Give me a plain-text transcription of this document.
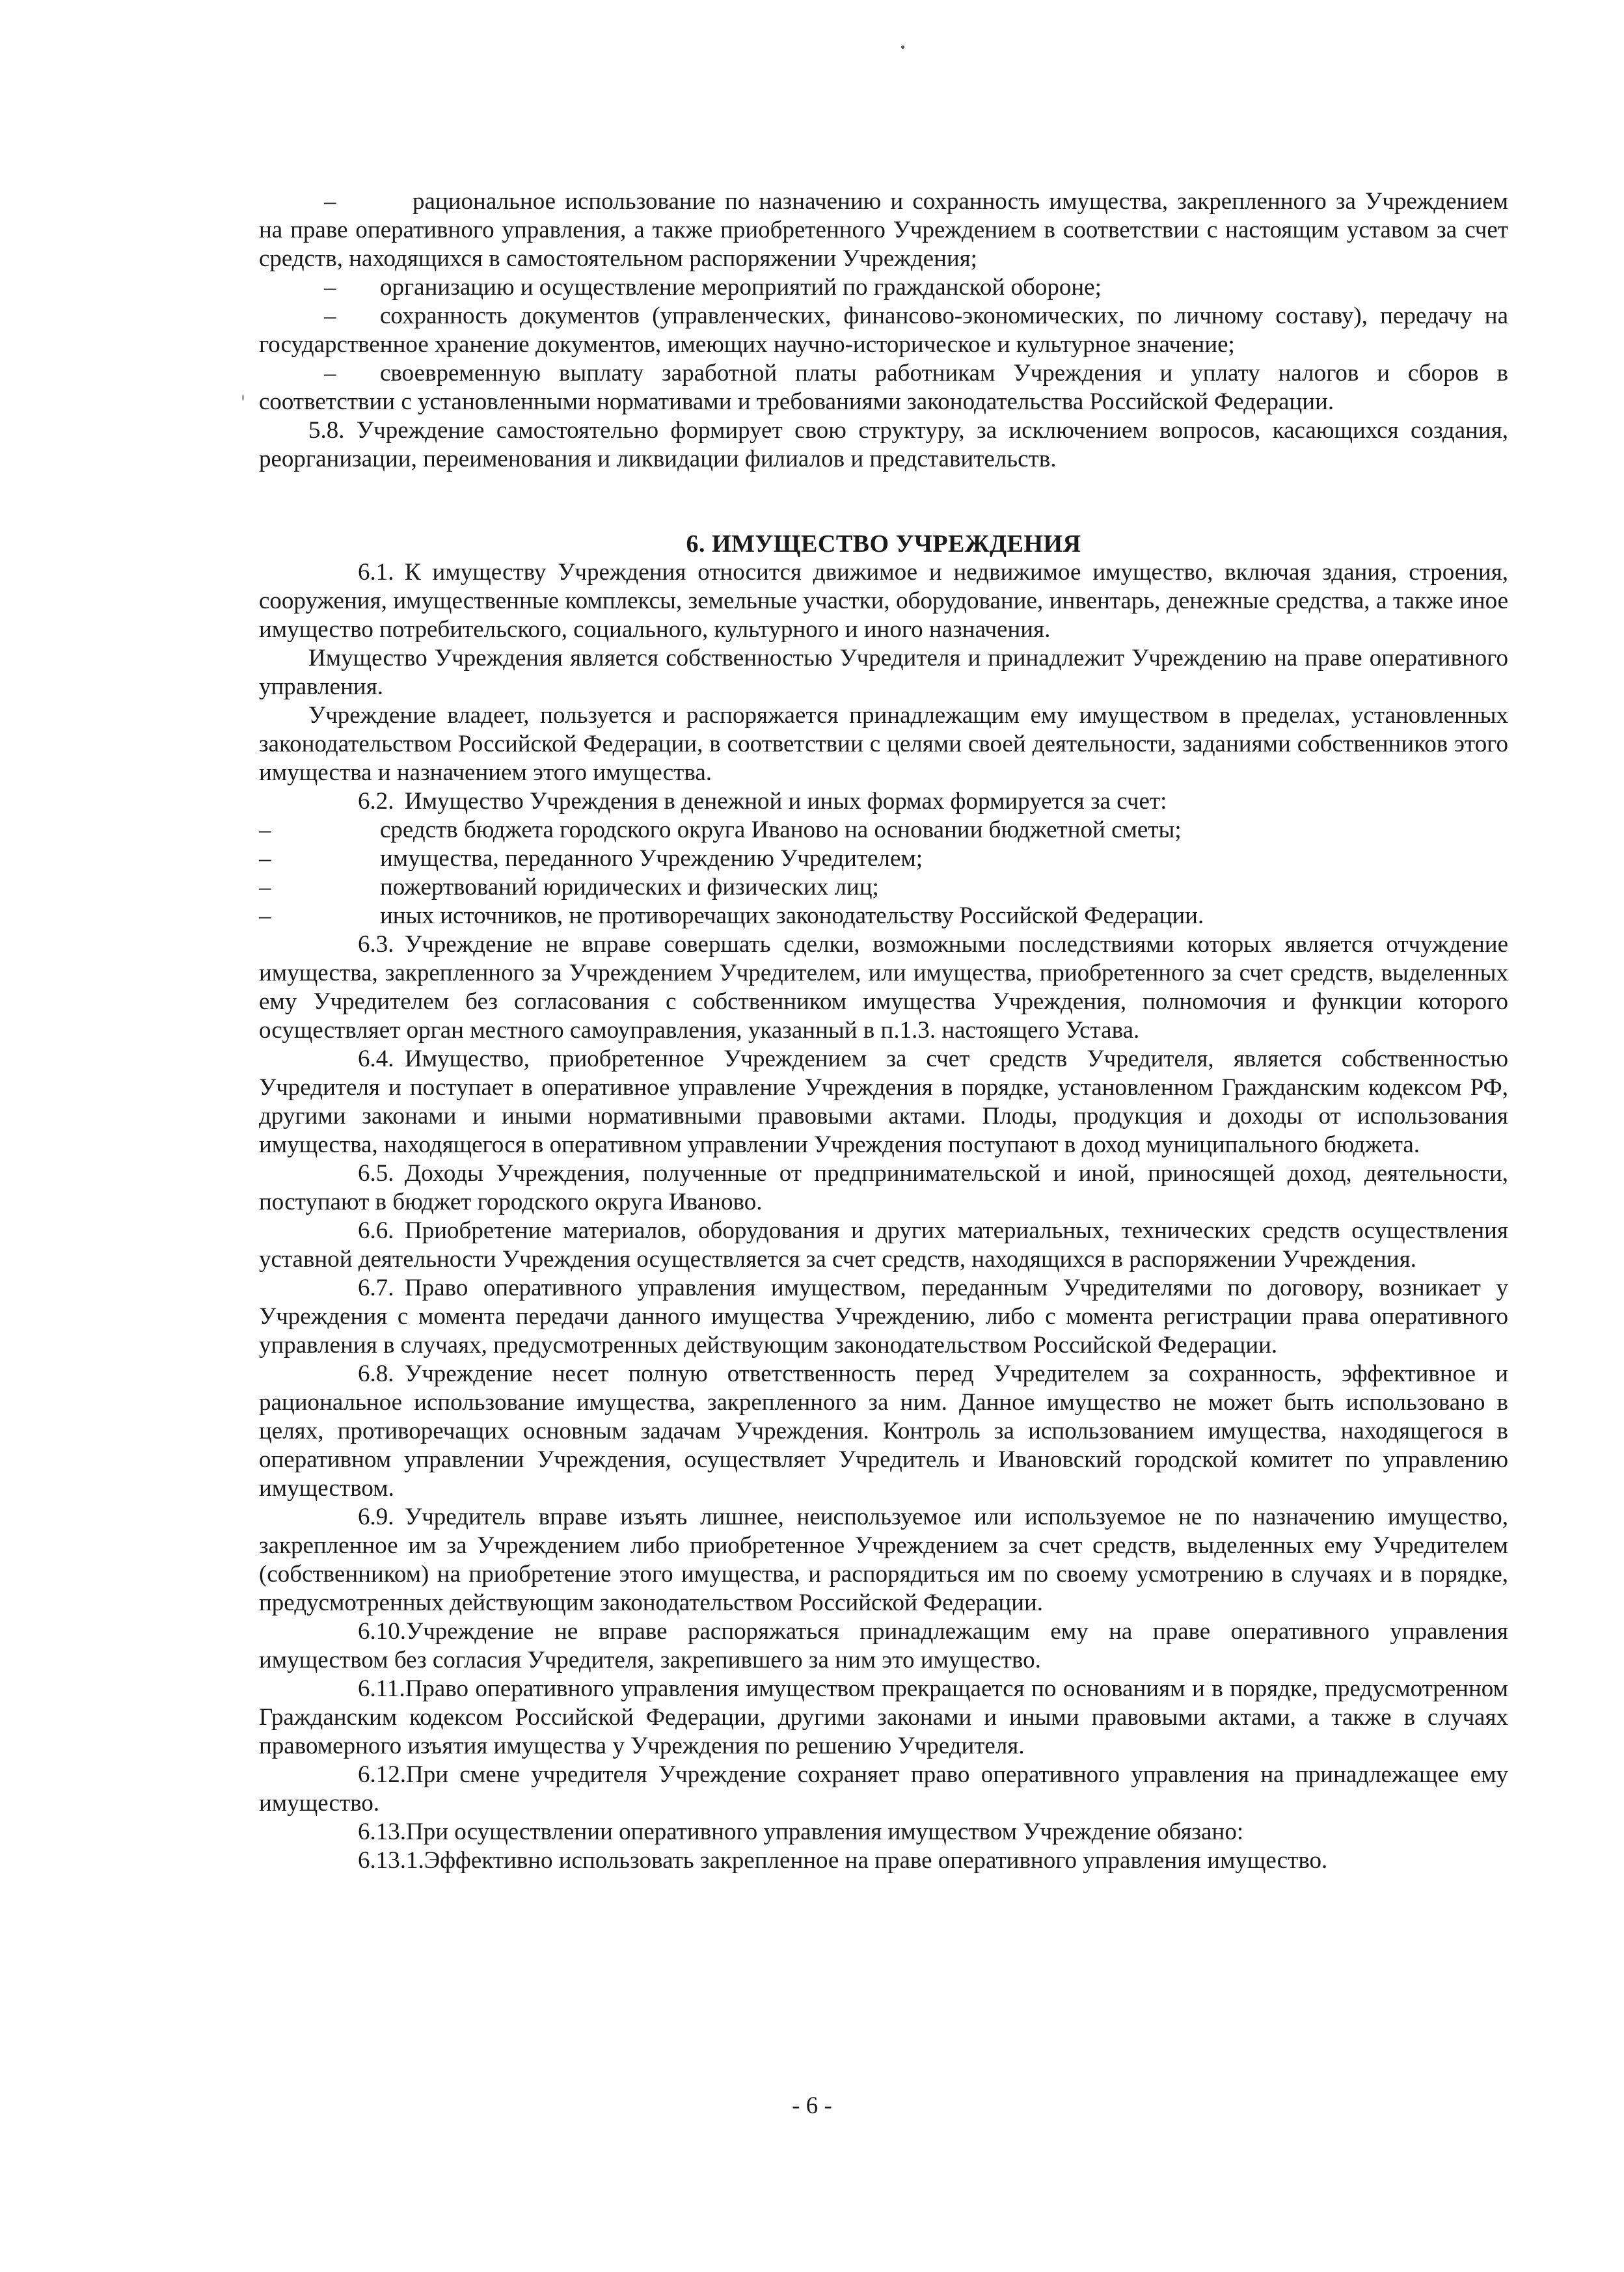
–	рациональное использование по назначению и сохранность имущества, закрепленного за Учреждением на праве оперативного управления, а также приобретенного Учреждением в соответствии с настоящим уставом за счет средств, находящихся в самостоятельном распоряжении Учреждения;

– организацию и осуществление мероприятий по гражданской обороне;

– сохранность документов (управленческих, финансово-экономических, по личному составу), передачу на государственное хранение документов, имеющих научно-историческое и культурное значение;

– своевременную выплату заработной платы работникам Учреждения и уплату налогов и сборов в соответствии с установленными нормативами и требованиями законодательства Российской Федерации.

5.8. Учреждение самостоятельно формирует свою структуру, за исключением вопросов, касающихся создания, реорганизации, переименования и ликвидации филиалов и представительств.

6. ИМУЩЕСТВО УЧРЕЖДЕНИЯ

6.1. К имуществу Учреждения относится движимое и недвижимое имущество, включая здания, строения, сооружения, имущественные комплексы, земельные участки, оборудование, инвентарь, денежные средства, а также иное имущество потребительского, социального, культурного и иного назначения.

Имущество Учреждения является собственностью Учредителя и принадлежит Учреждению на праве оперативного управления.

Учреждение владеет, пользуется и распоряжается принадлежащим ему имуществом в пределах, установленных законодательством Российской Федерации, в соответствии с целями своей деятельности, заданиями собственников этого имущества и назначением этого имущества.

6.2. Имущество Учреждения в денежной и иных формах формируется за счет:

–	средств бюджета городского округа Иваново на основании бюджетной сметы;

–	имущества, переданного Учреждению Учредителем;

–	пожертвований юридических и физических лиц;

–	иных источников, не противоречащих законодательству Российской Федерации.

6.3. Учреждение не вправе совершать сделки, возможными последствиями которых является отчуждение имущества, закрепленного за Учреждением Учредителем, или имущества, приобретенного за счет средств, выделенных ему Учредителем без согласования с собственником имущества Учреждения, полномочия и функции которого осуществляет орган местного самоуправления, указанный в п.1.3. настоящего Устава.

6.4. Имущество, приобретенное Учреждением за счет средств Учредителя, является собственностью Учредителя и поступает в оперативное управление Учреждения в порядке, установленном Гражданским кодексом РФ, другими законами и иными нормативными правовыми актами. Плоды, продукция и доходы от использования имущества, находящегося в оперативном управлении Учреждения поступают в доход муниципального бюджета.

6.5. Доходы Учреждения, полученные от предпринимательской и иной, приносящей доход, деятельности, поступают в бюджет городского округа Иваново.

6.6. Приобретение материалов, оборудования и других материальных, технических средств осуществления уставной деятельности Учреждения осуществляется за счет средств, находящихся в распоряжении Учреждения.

6.7. Право оперативного управления имуществом, переданным Учредителями по договору, возникает у Учреждения с момента передачи данного имущества Учреждению, либо с момента регистрации права оперативного управления в случаях, предусмотренных действующим законодательством Российской Федерации.

6.8. Учреждение несет полную ответственность перед Учредителем за сохранность, эффективное и рациональное использование имущества, закрепленного за ним. Данное имущество не может быть использовано в целях, противоречащих основным задачам Учреждения. Контроль за использованием имущества, находящегося в оперативном управлении Учреждения, осуществляет Учредитель и Ивановский городской комитет по управлению имуществом.

6.9. Учредитель вправе изъять лишнее, неиспользуемое или используемое не по назначению имущество, закрепленное им за Учреждением либо приобретенное Учреждением за счет средств, выделенных ему Учредителем (собственником) на приобретение этого имущества, и распорядиться им по своему усмотрению в случаях и в порядке, предусмотренных действующим законодательством Российской Федерации.

6.10.Учреждение не вправе распоряжаться принадлежащим ему на праве оперативного управления имуществом без согласия Учредителя, закрепившего за ним это имущество.

6.11.Право оперативного управления имуществом прекращается по основаниям и в порядке, предусмотренном Гражданским кодексом Российской Федерации, другими законами и иными правовыми актами, а также в случаях правомерного изъятия имущества у Учреждения по решению Учредителя.

6.12.При смене учредителя Учреждение сохраняет право оперативного управления на принадлежащее ему имущество.

6.13.При осуществлении оперативного управления имуществом Учреждение обязано:

6.13.1.Эффективно использовать закрепленное на праве оперативного управления имущество.

- 6 -
